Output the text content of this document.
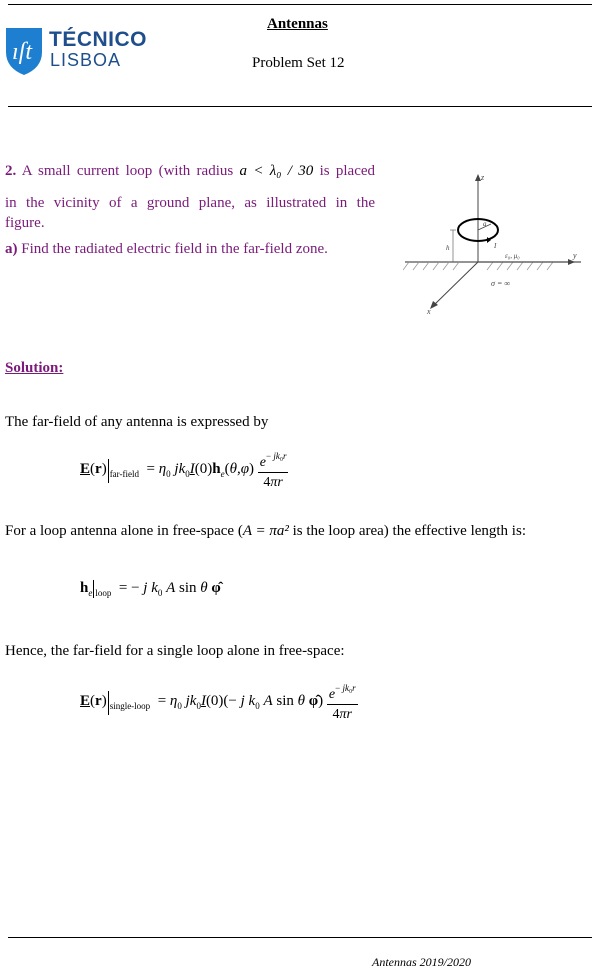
ıſt TÉCNICO
LISBOA
Antennas
Problem Set 12

2. A small current loop (with radius a < λ₀ / 30 is placed

in the vicinity of a ground plane, as illustrated in the

figure.

a) Find the radiated electric field in the far-field zone.

z
y
x
a
I
h
ε₀, μ₀
σ = ∞
Solution:
The far-field of any antenna is expressed by
E(r) $_{far-field} = \eta_0$ $jk_0I(0)h_e(\theta,\varphi) \frac{e^{- jk_0r}}{4\pi r}$
For a loop antenna alone in free-space (A = πa² is the loop area) the effective length is:
$h_e$ $_{loop}$  = − j $k_0$ A sin θ φ̂
Hence, the far-field for a single loop alone in free-space:
E(r) $_{single-loop} = \eta_0$ $jk_0I(0)(- j$ $k_0$ A sin θ φ̂) $\frac{e^{- jk_0r}}{4\pi r}$
Antennas 2019/2020
